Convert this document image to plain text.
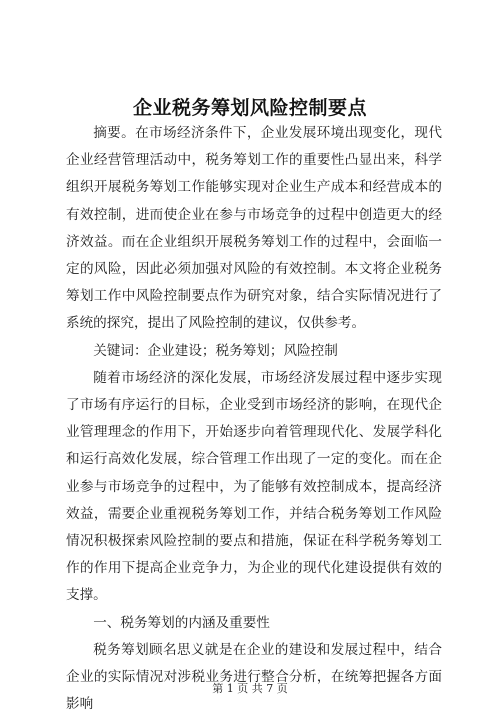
企业税务筹划风险控制要点

摘要。在市场经济条件下，企业发展环境出现变化，现代企业经营管理活动中，税务筹划工作的重要性凸显出来，科学组织开展税务筹划工作能够实现对企业生产成本和经营成本的有效控制，进而使企业在参与市场竞争的过程中创造更大的经济效益。而在企业组织开展税务筹划工作的过程中，会面临一定的风险，因此必须加强对风险的有效控制。本文将企业税务筹划工作中风险控制要点作为研究对象，结合实际情况进行了系统的探究，提出了风险控制的建议，仅供参考。

关键词：企业建设；税务筹划；风险控制

随着市场经济的深化发展，市场经济发展过程中逐步实现了市场有序运行的目标，企业受到市场经济的影响，在现代企业管理理念的作用下，开始逐步向着管理现代化、发展学科化和运行高效化发展，综合管理工作出现了一定的变化。而在企业参与市场竞争的过程中，为了能够有效控制成本，提高经济效益，需要企业重视税务筹划工作，并结合税务筹划工作风险情况积极探索风险控制的要点和措施，保证在科学税务筹划工作的作用下提高企业竞争力，为企业的现代化建设提供有效的支撑。

一、税务筹划的内涵及重要性

税务筹划顾名思义就是在企业的建设和发展过程中，结合企业的实际情况对涉税业务进行整合分析，在统筹把握各方面影响

第 1 页 共 7 页
